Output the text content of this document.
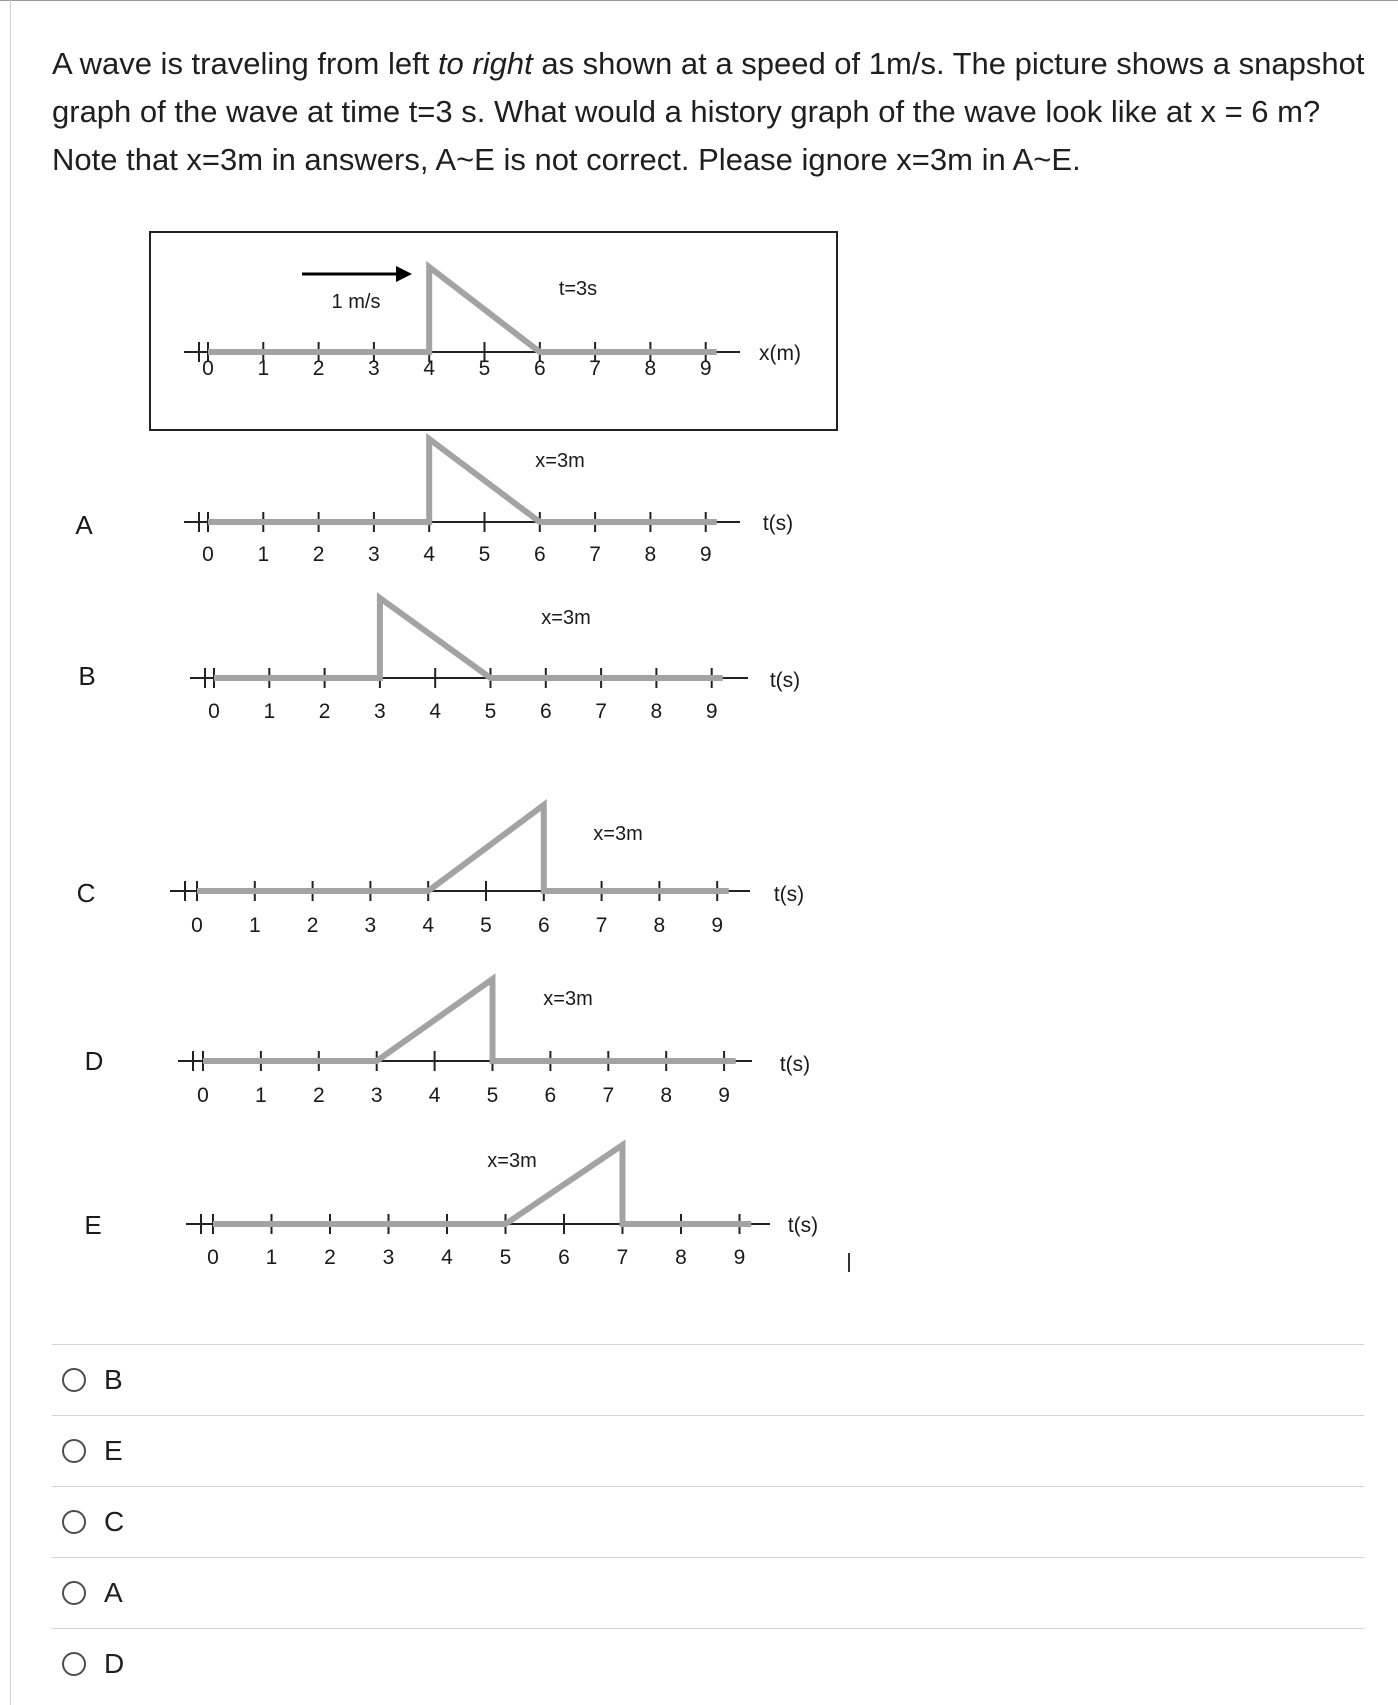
A wave is traveling from left to right as shown at a speed of 1m/s. The picture shows a snapshot graph of the wave at time t=3 s. What would a history graph of the wave look like at x = 6 m? Note that x=3m in answers, A~E is not correct. Please ignore x=3m in A~E.
0 1 2 3 4 5 6 7 8 9
x(m)
t=3s
1 m/s
0 1 2 3 4 5 6 7 8 9
t(s)
x=3m
A
0 1 2 3 4 5 6 7 8 9
t(s)
x=3m
B
0 1 2 3 4 5 6 7 8 9
t(s)
x=3m
C
0 1 2 3 4 5 6 7 8 9
t(s)
x=3m
D
0 1 2 3 4 5 6 7 8 9
t(s)
x=3m
E
B
E
C
A
D
